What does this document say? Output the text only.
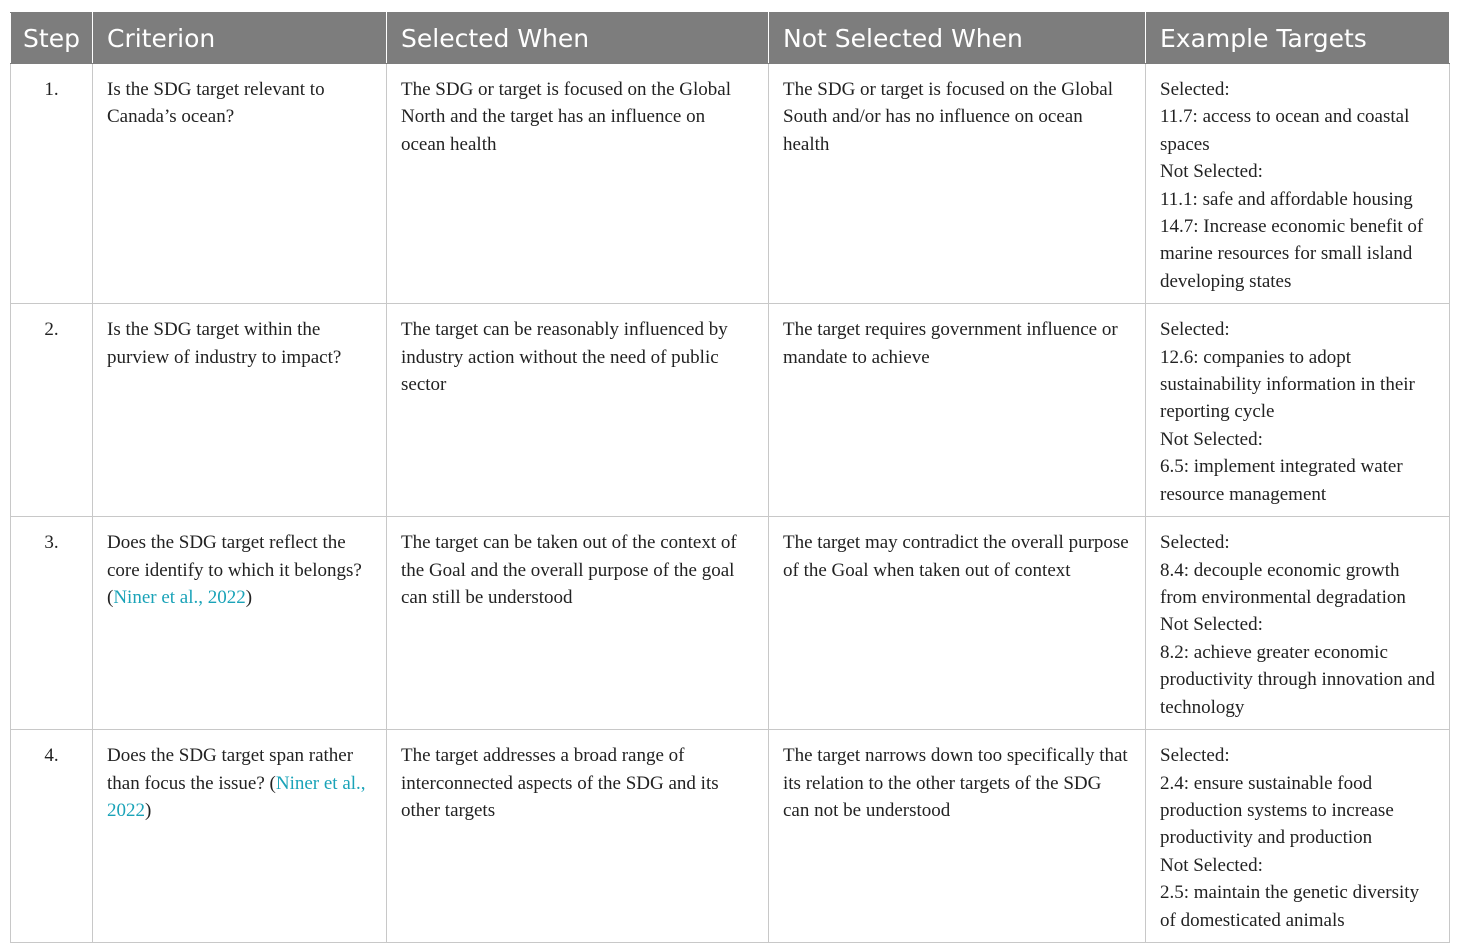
Step	Criterion	Selected When	Not Selected When	Example Targets
1.	Is the SDG target relevant to Canada’s ocean?	The SDG or target is focused on the Global North and the target has an influence on ocean health	The SDG or target is focused on the Global South and/or has no influence on ocean health	Selected:
11.7: access to ocean and coastal spaces
Not Selected:
11.1: safe and affordable housing
14.7: Increase economic benefit of marine resources for small island developing states

2.	Is the SDG target within the purview of industry to impact?	The target can be reasonably influenced by industry action without the need of public sector	The target requires government influence or mandate to achieve	Selected:
12.6: companies to adopt sustainability information in their reporting cycle
Not Selected:
6.5: implement integrated water resource management

3.	Does the SDG target reflect the core identify to which it belongs? (Niner et al., 2022)	The target can be taken out of the context of the Goal and the overall purpose of the goal can still be understood	The target may contradict the overall purpose of the Goal when taken out of context	Selected:
8.4: decouple economic growth from environmental degradation
Not Selected:
8.2: achieve greater economic productivity through innovation and technology

4.	Does the SDG target span rather than focus the issue? (Niner et al., 2022)	The target addresses a broad range of interconnected aspects of the SDG and its other targets	The target narrows down too specifically that its relation to the other targets of the SDG can not be understood	Selected:
2.4: ensure sustainable food production systems to increase productivity and production
Not Selected:
2.5: maintain the genetic diversity of domesticated animals
